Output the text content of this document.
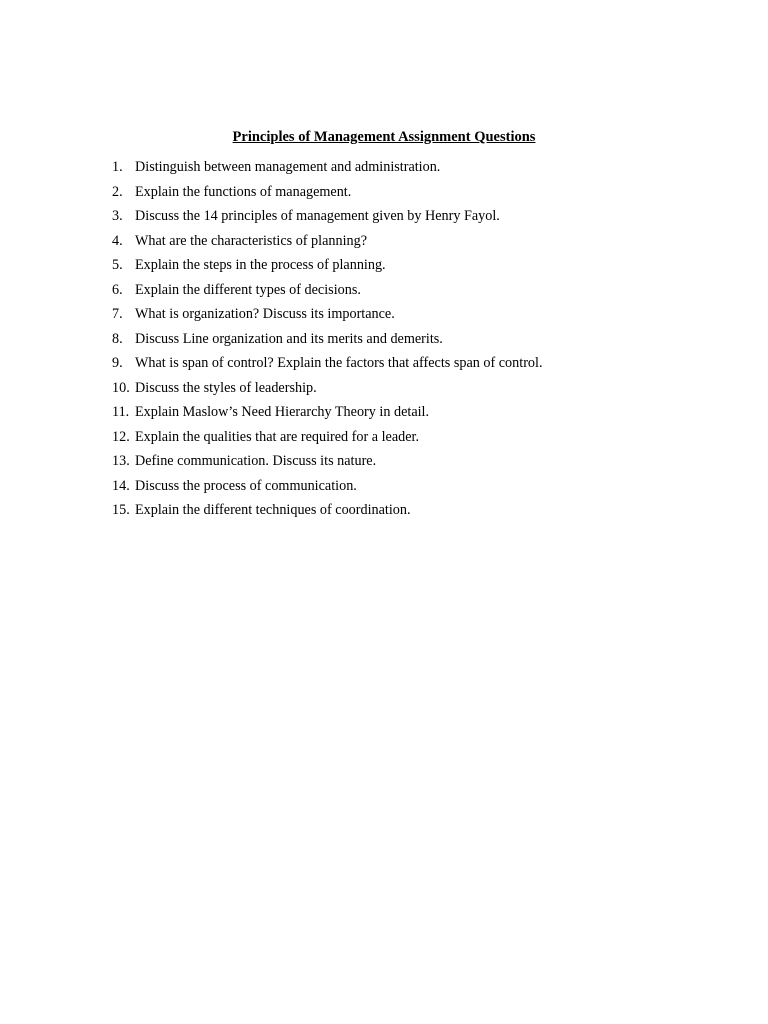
Principles of Management Assignment Questions
1. Distinguish between management and administration.
2. Explain the functions of management.
3. Discuss the 14 principles of management given by Henry Fayol.
4. What are the characteristics of planning?
5. Explain the steps in the process of planning.
6. Explain the different types of decisions.
7. What is organization? Discuss its importance.
8. Discuss Line organization and its merits and demerits.
9. What is span of control? Explain the factors that affects span of control.
10. Discuss the styles of leadership.
11. Explain Maslow’s Need Hierarchy Theory in detail.
12. Explain the qualities that are required for a leader.
13. Define communication. Discuss its nature.
14. Discuss the process of communication.
15. Explain the different techniques of coordination.
